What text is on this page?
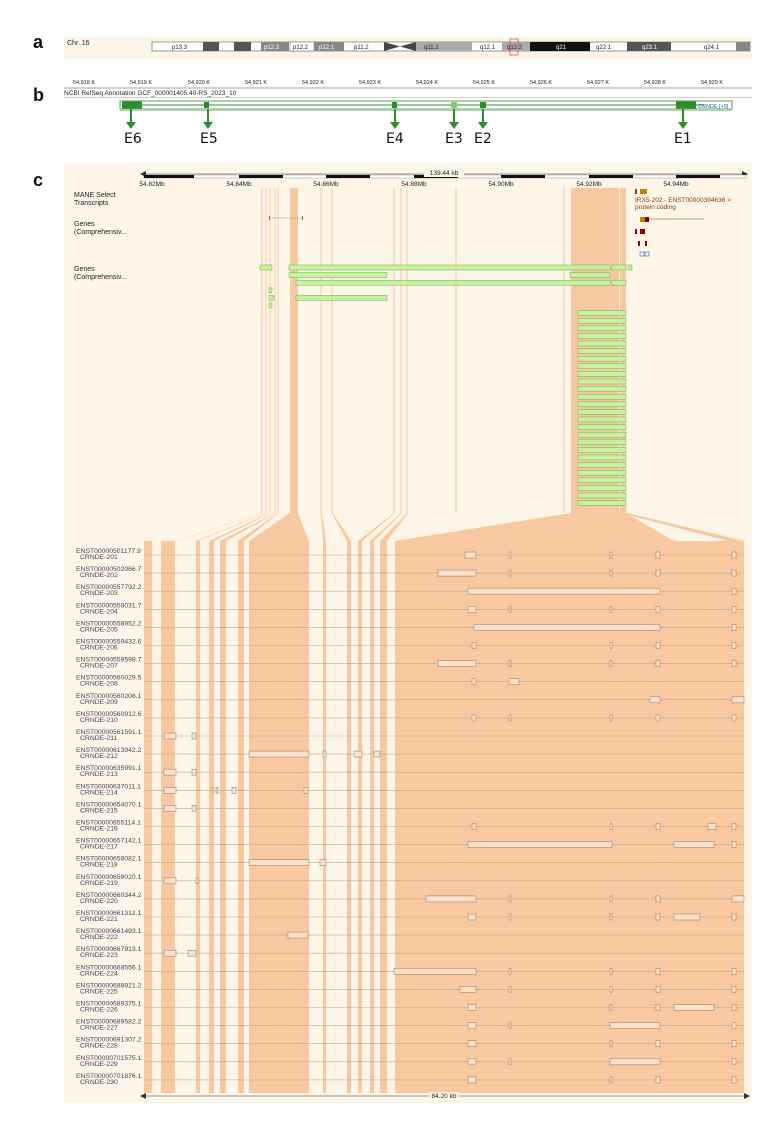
a
b
c
Chr. 16
p13.3	p12.3 p12.2 p12.1	p11.2	q11.2	q12.1 q12.2	q21	q22.1	q23.1	q24.1
54,918 K	54,919 K	54,920 K	54,921 K	54,922 K	54,923 K	54,924 K	54,925 K	54,926 K	54,927 K	54,928 K	54,929 K
NCBI RefSeq Annotation GCF_000001405.40-RS_2023_10
CRNDE [+5]
E6	E5	E4	E3 E2	E1
139.44 kb
54.82Mb	54.84Mb	54.86Mb	54.88Mb	54.90Mb	54.92Mb	54.94Mb
MANE Select
Transcripts
Genes
(Comprehensiv...
Genes
(Comprehensiv...
IRX5-202 - ENST00000394636 >
protein coding
ENST00000501177.9
CRNDE-201
ENST00000502066.7
CRNDE-202
ENST00000557792.2
CRNDE-203
ENST00000558031.7
CRNDE-204
ENST00000558952.2
CRNDE-205
ENST00000559432.6
CRNDE-206
ENST00000559598.7
CRNDE-207
ENST00000560029.5
CRNDE-208
ENST00000560208.1
CRNDE-209
ENST00000560912.6
CRNDE-210
ENST00000561591.1
CRNDE-211
ENST00000613942.2
CRNDE-212
ENST00000635991.1
CRNDE-213
ENST00000637011.1
CRNDE-214
ENST00000654070.1
CRNDE-215
ENST00000655114.1
CRNDE-216
ENST00000657142.1
CRNDE-217
ENST00000658082.1
CRNDE-218
ENST00000659020.1
CRNDE-219
ENST00000660344.2
CRNDE-220
ENST00000661312.1
CRNDE-221
ENST00000661493.1
CRNDE-222
ENST00000667913.1
CRNDE-223
ENST00000668556.1
CRNDE-224
ENST00000688921.2
CRNDE-225
ENST00000689375.1
CRNDE-226
ENST00000689582.2
CRNDE-227
ENST00000691307.2
CRNDE-228
ENST00000701575.1
CRNDE-229
ENST00000701876.1
CRNDE-230
84.20 kb
